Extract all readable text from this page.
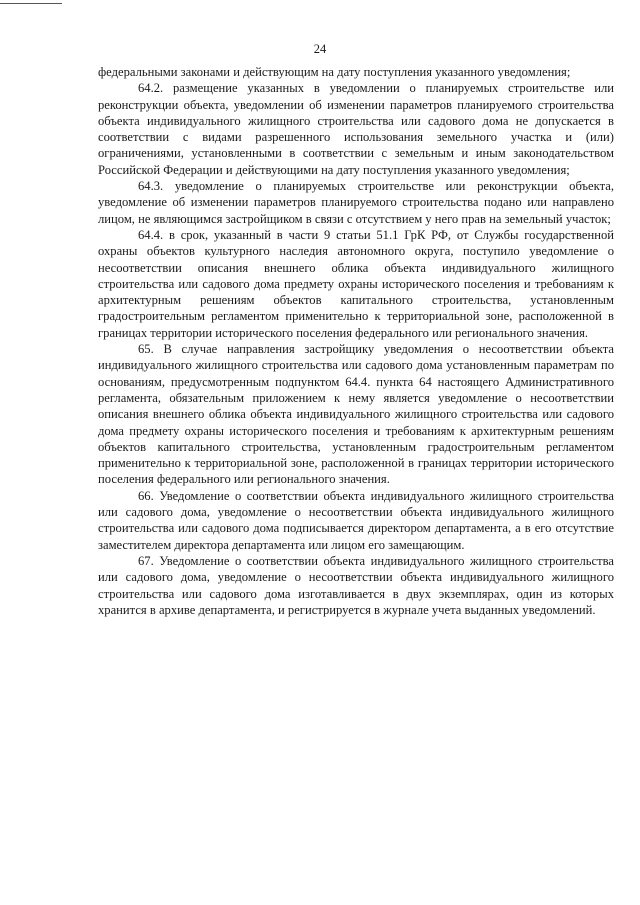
24

федеральными законами и действующим на дату поступления указанного уведомления;

64.2. размещение указанных в уведомлении о планируемых строительстве или реконструкции объекта, уведомлении об изменении параметров планируемого строительства объекта индивидуального жилищного строительства или садового дома не допускается в соответствии с видами разрешенного использования земельного участка и (или) ограничениями, установленными в соответствии с земельным и иным законодательством Российской Федерации и действующими на дату поступления указанного уведомления;

64.3. уведомление о планируемых строительстве или реконструкции объекта, уведомление об изменении параметров планируемого строительства подано или направлено лицом, не являющимся застройщиком в связи с отсутствием у него прав на земельный участок;

64.4. в срок, указанный в части 9 статьи 51.1 ГрК РФ, от Службы государственной охраны объектов культурного наследия автономного округа, поступило уведомление о несоответствии описания внешнего облика объекта индивидуального жилищного строительства или садового дома предмету охраны исторического поселения и требованиям к архитектурным решениям объектов капитального строительства, установленным градостроительным регламентом применительно к территориальной зоне, расположенной в границах территории исторического поселения федерального или регионального значения.

65. В случае направления застройщику уведомления о несоответствии объекта индивидуального жилищного строительства или садового дома установленным параметрам по основаниям, предусмотренным подпунктом 64.4. пункта 64 настоящего Административного регламента, обязательным приложением к нему является уведомление о несоответствии описания внешнего облика объекта индивидуального жилищного строительства или садового дома предмету охраны исторического поселения и требованиям к архитектурным решениям объектов капитального строительства, установленным градостроительным регламентом применительно к территориальной зоне, расположенной в границах территории исторического поселения федерального или регионального значения.

66. Уведомление о соответствии объекта индивидуального жилищного строительства или садового дома, уведомление о несоответствии объекта индивидуального жилищного строительства или садового дома подписывается директором департамента, а в его отсутствие заместителем директора департамента или лицом его замещающим.

67. Уведомление о соответствии объекта индивидуального жилищного строительства или садового дома, уведомление о несоответствии объекта индивидуального жилищного строительства или садового дома изготавливается в двух экземплярах, один из которых хранится в архиве департамента, и регистрируется в журнале учета выданных уведомлений.
